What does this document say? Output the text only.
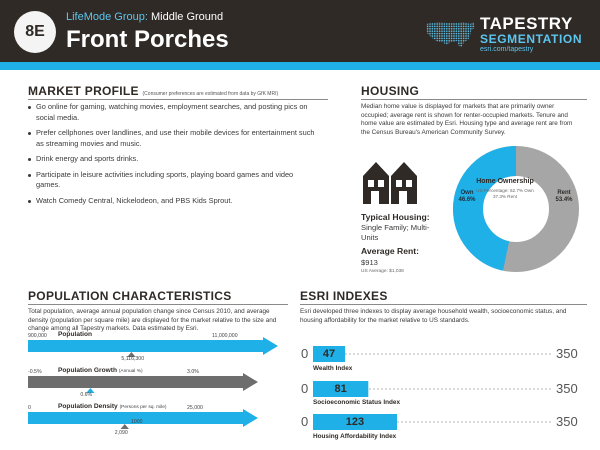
8E
LifeMode Group: Middle Ground
Front Porches
TAPESTRY
SEGMENTATION
esri.com/tapestry
MARKET PROFILE (Consumer preferences are estimated from data by GfK MRI)
Go online for gaming, watching movies, employment searches, and posting pics on social media.
Prefer cellphones over landlines, and use their mobile devices for entertainment such as streaming movies and music.
Drink energy and sports drinks.
Participate in leisure activities including sports, playing board games and video games.
Watch Comedy Central, Nickelodeon, and PBS Kids Sprout.
HOUSING
Median home value is displayed for markets that are primarily owner occupied; average rent is shown for renter-occupied markets. Tenure and home value are estimated by Esri. Housing type and average rent are from the Census Bureau's American Community Survey.
Typical Housing:
Single Family; Multi-Units
Average Rent:
$913
US Average: $1,038
Home Ownership
US Percentage: 62.7% Own 37.3% Rent
Own
46.6%
Rent
53.4%
POPULATION CHARACTERISTICS
Total population, average annual population change since Census 2010, and average density (population per square mile) are displayed for the market relative to the size and change among all Tapestry markets. Data estimated by Esri.
900,000 Population	11,000,000
5,116,300
-0.5% Population Growth (Annual %)	3.0%
0.6%
0	Population Density (Persons per sq. mile)	25,000
1000
2,090
ESRI INDEXES
Esri developed three indexes to display average household wealth, socioeconomic status, and housing affordability for the market relative to US standards.
0	350
0	350
0	350
Wealth Index
Socioeconomic Status Index
Housing Affordability Index
47
81
123
